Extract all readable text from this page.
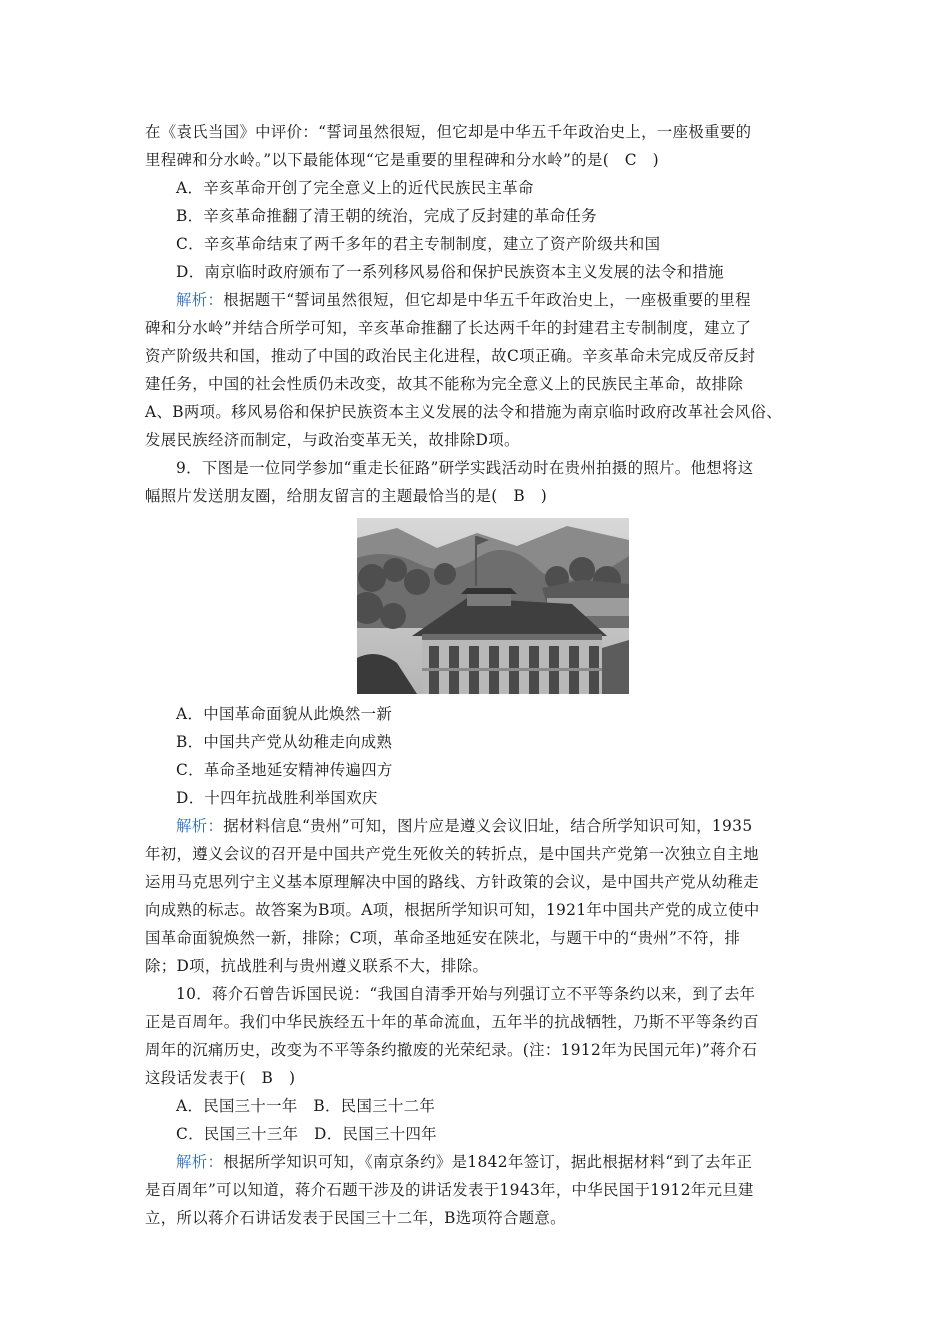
在《袁氏当国》中评价：“誓词虽然很短，但它却是中华五千年政治史上，一座极重要的
里程碑和分水岭。”以下最能体现“它是重要的里程碑和分水岭”的是(　C　)
A．辛亥革命开创了完全意义上的近代民族民主革命
B．辛亥革命推翻了清王朝的统治，完成了反封建的革命任务
C．辛亥革命结束了两千多年的君主专制制度，建立了资产阶级共和国
D．南京临时政府颁布了一系列移风易俗和保护民族资本主义发展的法令和措施
解析：根据题干“誓词虽然很短，但它却是中华五千年政治史上，一座极重要的里程
碑和分水岭”并结合所学可知，辛亥革命推翻了长达两千年的封建君主专制制度，建立了
资产阶级共和国，推动了中国的政治民主化进程，故C项正确。辛亥革命未完成反帝反封
建任务，中国的社会性质仍未改变，故其不能称为完全意义上的民族民主革命，故排除
A、B两项。移风易俗和保护民族资本主义发展的法令和措施为南京临时政府改革社会风俗、
发展民族经济而制定，与政治变革无关，故排除D项。
9．下图是一位同学参加“重走长征路”研学实践活动时在贵州拍摄的照片。他想将这
幅照片发送朋友圈，给朋友留言的主题最恰当的是(　B　)
A．中国革命面貌从此焕然一新
B．中国共产党从幼稚走向成熟
C．革命圣地延安精神传遍四方
D．十四年抗战胜利举国欢庆
解析：据材料信息“贵州”可知，图片应是遵义会议旧址，结合所学知识可知，1935
年初，遵义会议的召开是中国共产党生死攸关的转折点，是中国共产党第一次独立自主地
运用马克思列宁主义基本原理解决中国的路线、方针政策的会议，是中国共产党从幼稚走
向成熟的标志。故答案为B项。A项，根据所学知识可知，1921年中国共产党的成立使中
国革命面貌焕然一新，排除；C项，革命圣地延安在陕北，与题干中的“贵州”不符，排
除；D项，抗战胜利与贵州遵义联系不大，排除。
10．蒋介石曾告诉国民说：“我国自清季开始与列强订立不平等条约以来，到了去年
正是百周年。我们中华民族经五十年的革命流血，五年半的抗战牺牲，乃斯不平等条约百
周年的沉痛历史，改变为不平等条约撤废的光荣纪录。(注：1912年为民国元年)”蒋介石
这段话发表于(　B　)
A．民国三十一年　B．民国三十二年
C．民国三十三年　D．民国三十四年
解析：根据所学知识可知，《南京条约》是1842年签订，据此根据材料“到了去年正
是百周年”可以知道，蒋介石题干涉及的讲话发表于1943年，中华民国于1912年元旦建
立，所以蒋介石讲话发表于民国三十二年，B选项符合题意。
